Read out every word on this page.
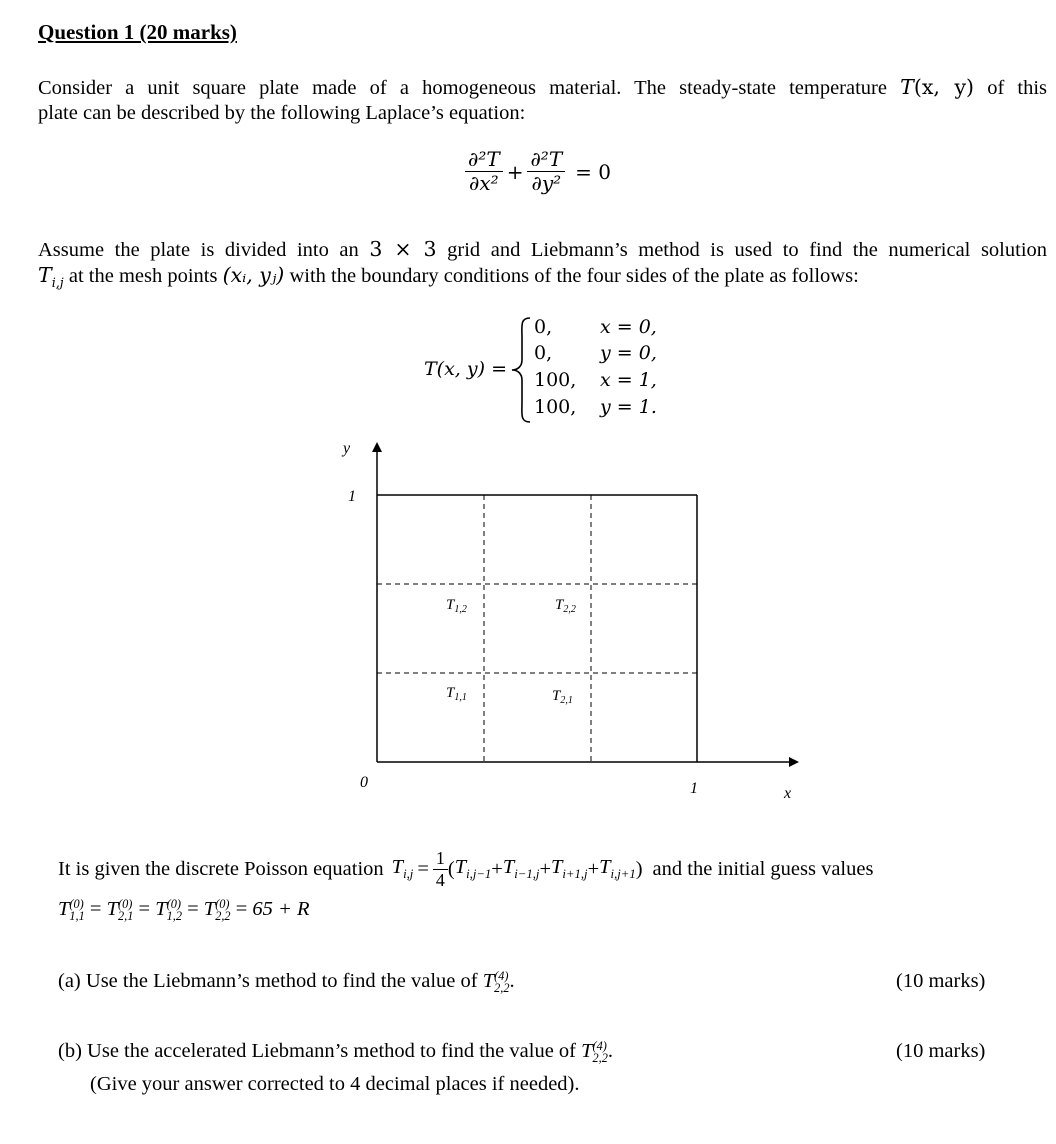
Question 1 (20 marks)
Consider a unit square plate made of a homogeneous material. The steady-state temperature T(x, y) of this
plate can be described by the following Laplace’s equation:
$\frac{\text{∂²T}}{\text{∂x²}} + \frac{\text{∂²T}}{\text{∂y²}} = 0$
Assume the plate is divided into an 3 × 3 grid and Liebmann’s method is used to find the numerical solution
$T_{i,j}$ at the mesh points (xᵢ, yⱼ) with the boundary conditions of the four sides of the plate as follows:
T(x, y) =
0,	x = 0,
0,	y = 0,
100, x = 1,
100, y = 1.
y
1
0	1	x
$T_{1,2}$	$T_{2,2}$
$T_{1,1}$	$T_{2,1}$
It is given the discrete Poisson equation $T_{i,j} = \frac{1}{4}$ ( $T_{i,j-1} + T_{i-1,j} + T_{i+1,j} + T_{i,j+1}$ ) and the initial guess values
T (0)
1,1 = T (0)
2,1 = T (0)
1,2 = T (0)
2,2 = 65 + R
(a) Use the Liebmann’s method to find the value of T (4)
2,2 .	(10 marks)
(b) Use the accelerated Liebmann’s method to find the value of T (4)
2,2 .	(10 marks)
(Give your answer corrected to 4 decimal places if needed).
